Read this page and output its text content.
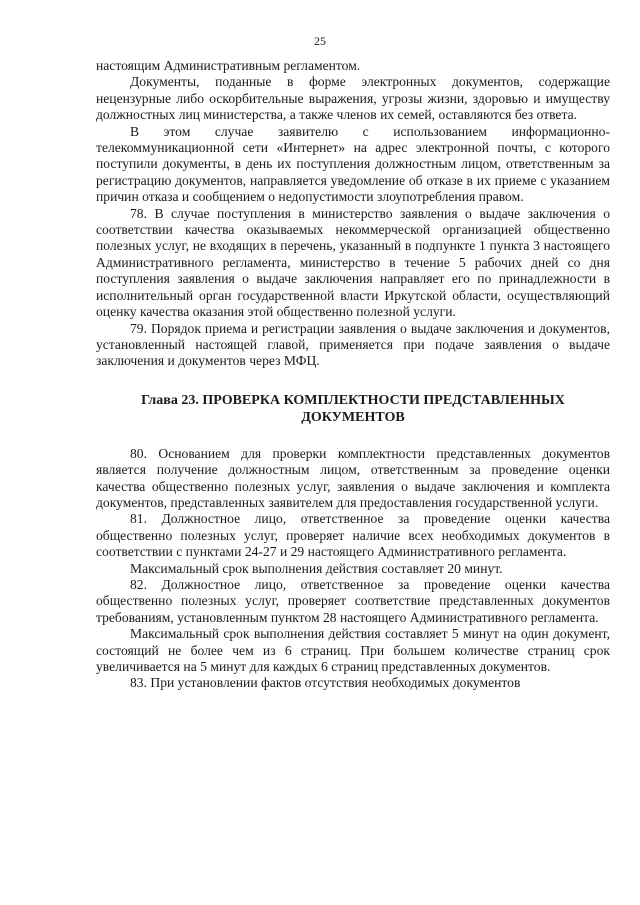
25

настоящим Административным регламентом.

Документы, поданные в форме электронных документов, содержащие нецензурные либо оскорбительные выражения, угрозы жизни, здоровью и имуществу должностных лиц министерства, а также членов их семей, оставляются без ответа.

В этом случае заявителю с использованием информационно-телекоммуникационной сети «Интернет» на адрес электронной почты, с которого поступили документы, в день их поступления должностным лицом, ответственным за регистрацию документов, направляется уведомление об отказе в их приеме с указанием причин отказа и сообщением о недопустимости злоупотребления правом.

78. В случае поступления в министерство заявления о выдаче заключения о соответствии качества оказываемых некоммерческой организацией общественно полезных услуг, не входящих в перечень, указанный в подпункте 1 пункта 3 настоящего Административного регламента, министерство в течение 5 рабочих дней со дня поступления заявления о выдаче заключения направляет его по принадлежности в исполнительный орган государственной власти Иркутской области, осуществляющий оценку качества оказания этой общественно полезной услуги.

79. Порядок приема и регистрации заявления о выдаче заключения и документов, установленный настоящей главой, применяется при подаче заявления о выдаче заключения и документов через МФЦ.

Глава 23. ПРОВЕРКА КОМПЛЕКТНОСТИ ПРЕДСТАВЛЕННЫХ ДОКУМЕНТОВ

80. Основанием для проверки комплектности представленных документов является получение должностным лицом, ответственным за проведение оценки качества общественно полезных услуг, заявления о выдаче заключения и комплекта документов, представленных заявителем для предоставления государственной услуги.

81. Должностное лицо, ответственное за проведение оценки качества общественно полезных услуг, проверяет наличие всех необходимых документов в соответствии с пунктами 24-27 и 29 настоящего Административного регламента.

Максимальный срок выполнения действия составляет 20 минут.

82. Должностное лицо, ответственное за проведение оценки качества общественно полезных услуг, проверяет соответствие представленных документов требованиям, установленным пунктом 28 настоящего Административного регламента.

Максимальный срок выполнения действия составляет 5 минут на один документ, состоящий не более чем из 6 страниц. При большем количестве страниц срок увеличивается на 5 минут для каждых 6 страниц представленных документов.

83. При установлении фактов отсутствия необходимых документов
